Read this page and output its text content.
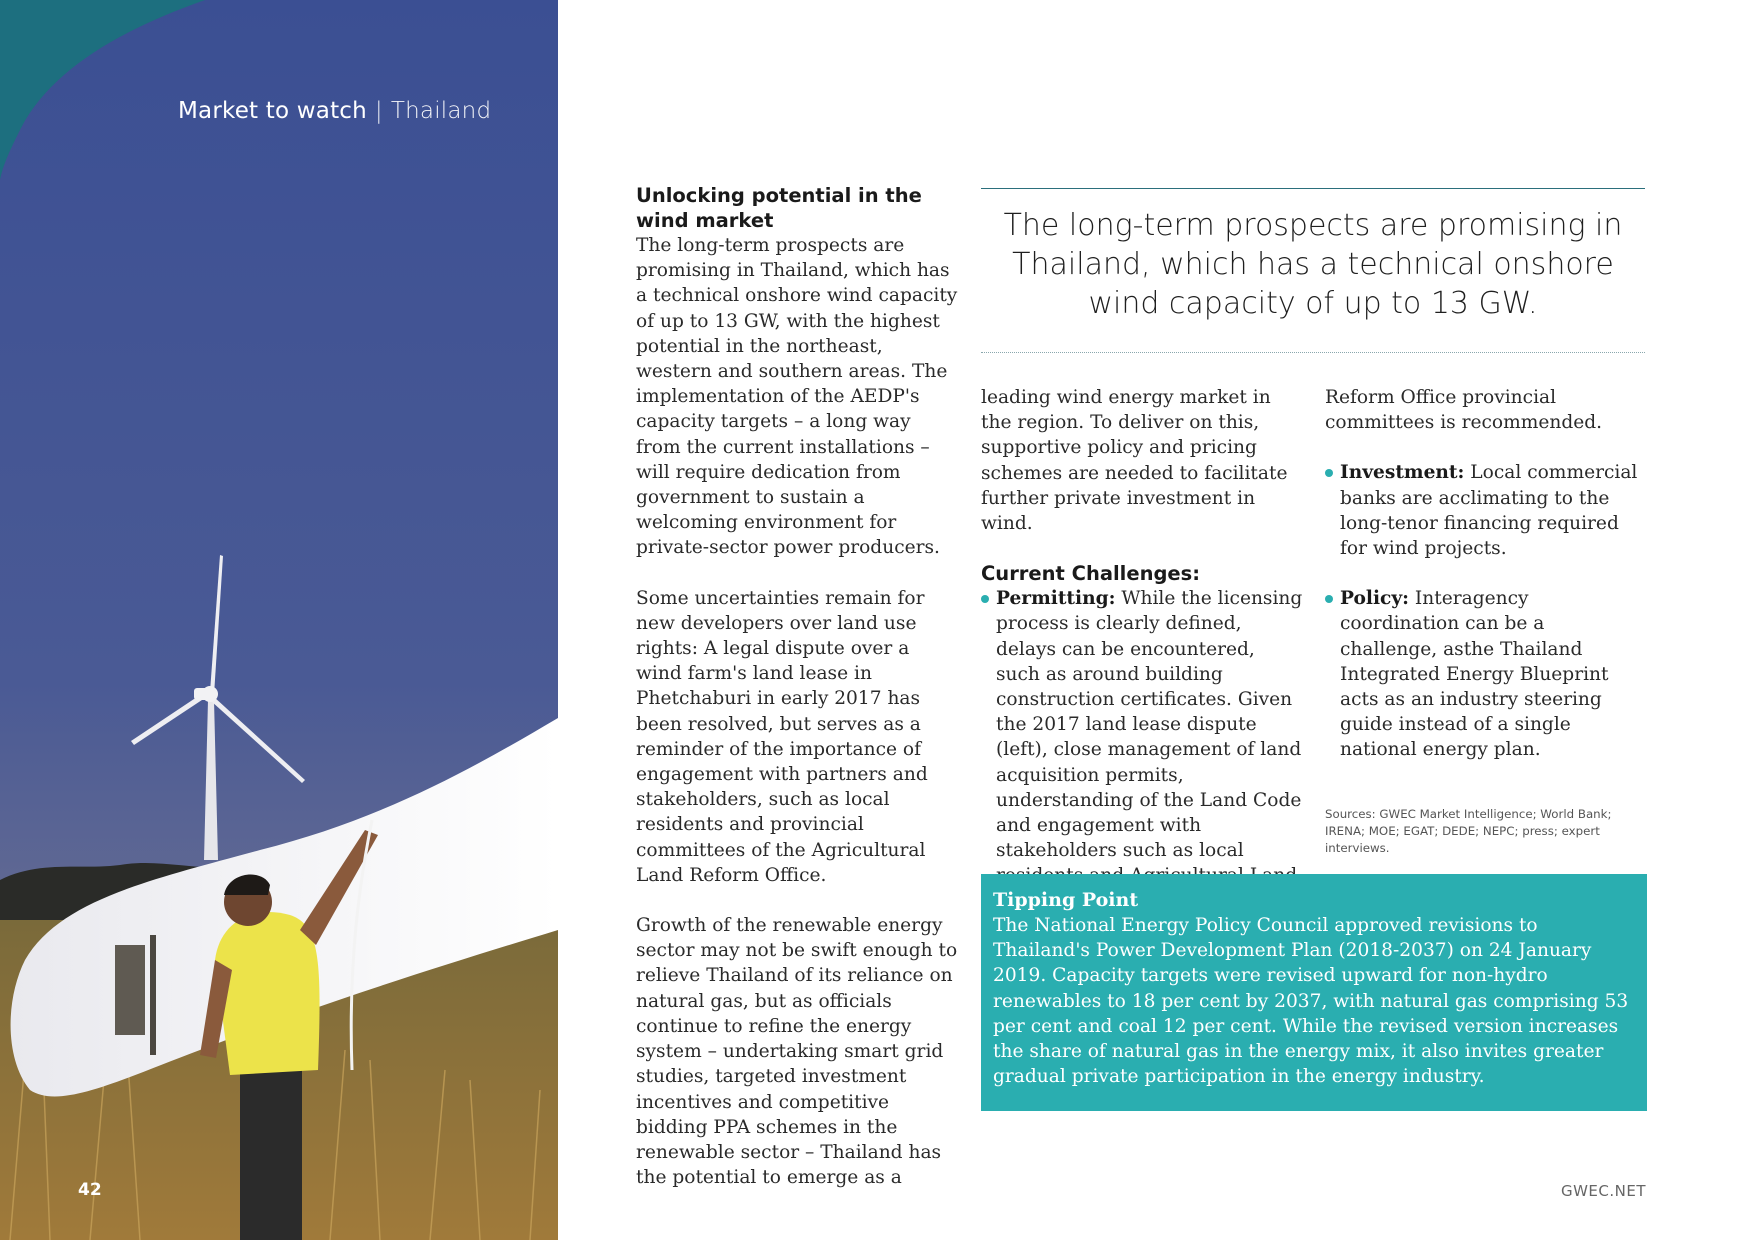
Market to watch | Thailand
42
Unlocking potential in the wind market

The long-term prospects are promising in Thailand, which has a technical onshore wind capacity of up to 13 GW, with the highest potential in the northeast, western and southern areas. The implementation of the AEDP's capacity targets – a long way from the current installations – will require dedication from government to sustain a welcoming environment for private-sector power producers.

Some uncertainties remain for new developers over land use rights: A legal dispute over a wind farm's land lease in Phetchaburi in early 2017 has been resolved, but serves as a reminder of the importance of engagement with partners and stakeholders, such as local residents and provincial committees of the Agricultural Land Reform Office.

Growth of the renewable energy sector may not be swift enough to relieve Thailand of its reliance on natural gas, but as officials continue to refine the energy system – undertaking smart grid studies, targeted investment incentives and competitive bidding PPA schemes in the renewable sector – Thailand has the potential to emerge as a

The long-term prospects are promising in Thailand, which has a technical onshore wind capacity of up to 13 GW.

leading wind energy market in the region. To deliver on this, supportive policy and pricing schemes are needed to facilitate further private investment in wind.

Current Challenges:
Permitting: While the licensing process is clearly defined, delays can be encountered, such as around building construction certificates. Given the 2017 land lease dispute (left), close management of land acquisition permits, understanding of the Land Code and engagement with stakeholders such as local

Reform Office provincial committees is recommended.

Investment: Local commercial banks are acclimating to the long-tenor financing required for wind projects.
Policy: Interagency coordination can be a challenge, asthe Thailand Integrated Energy Blueprint acts as an industry steering guide instead of a single national energy plan.
Sources: GWEC Market Intelligence; World Bank; IRENA; MOE; EGAT; DEDE; NEPC; press; expert interviews.
Tipping Point
The National Energy Policy Council approved revisions to Thailand's Power Development Plan (2018-2037) on 24 January 2019. Capacity targets were revised upward for non-hydro renewables to 18 per cent by 2037, with natural gas comprising 53 per cent and coal 12 per cent. While the revised version increases the share of natural gas in the energy mix, it also invites greater gradual private participation in the energy industry.
GWEC.NET
